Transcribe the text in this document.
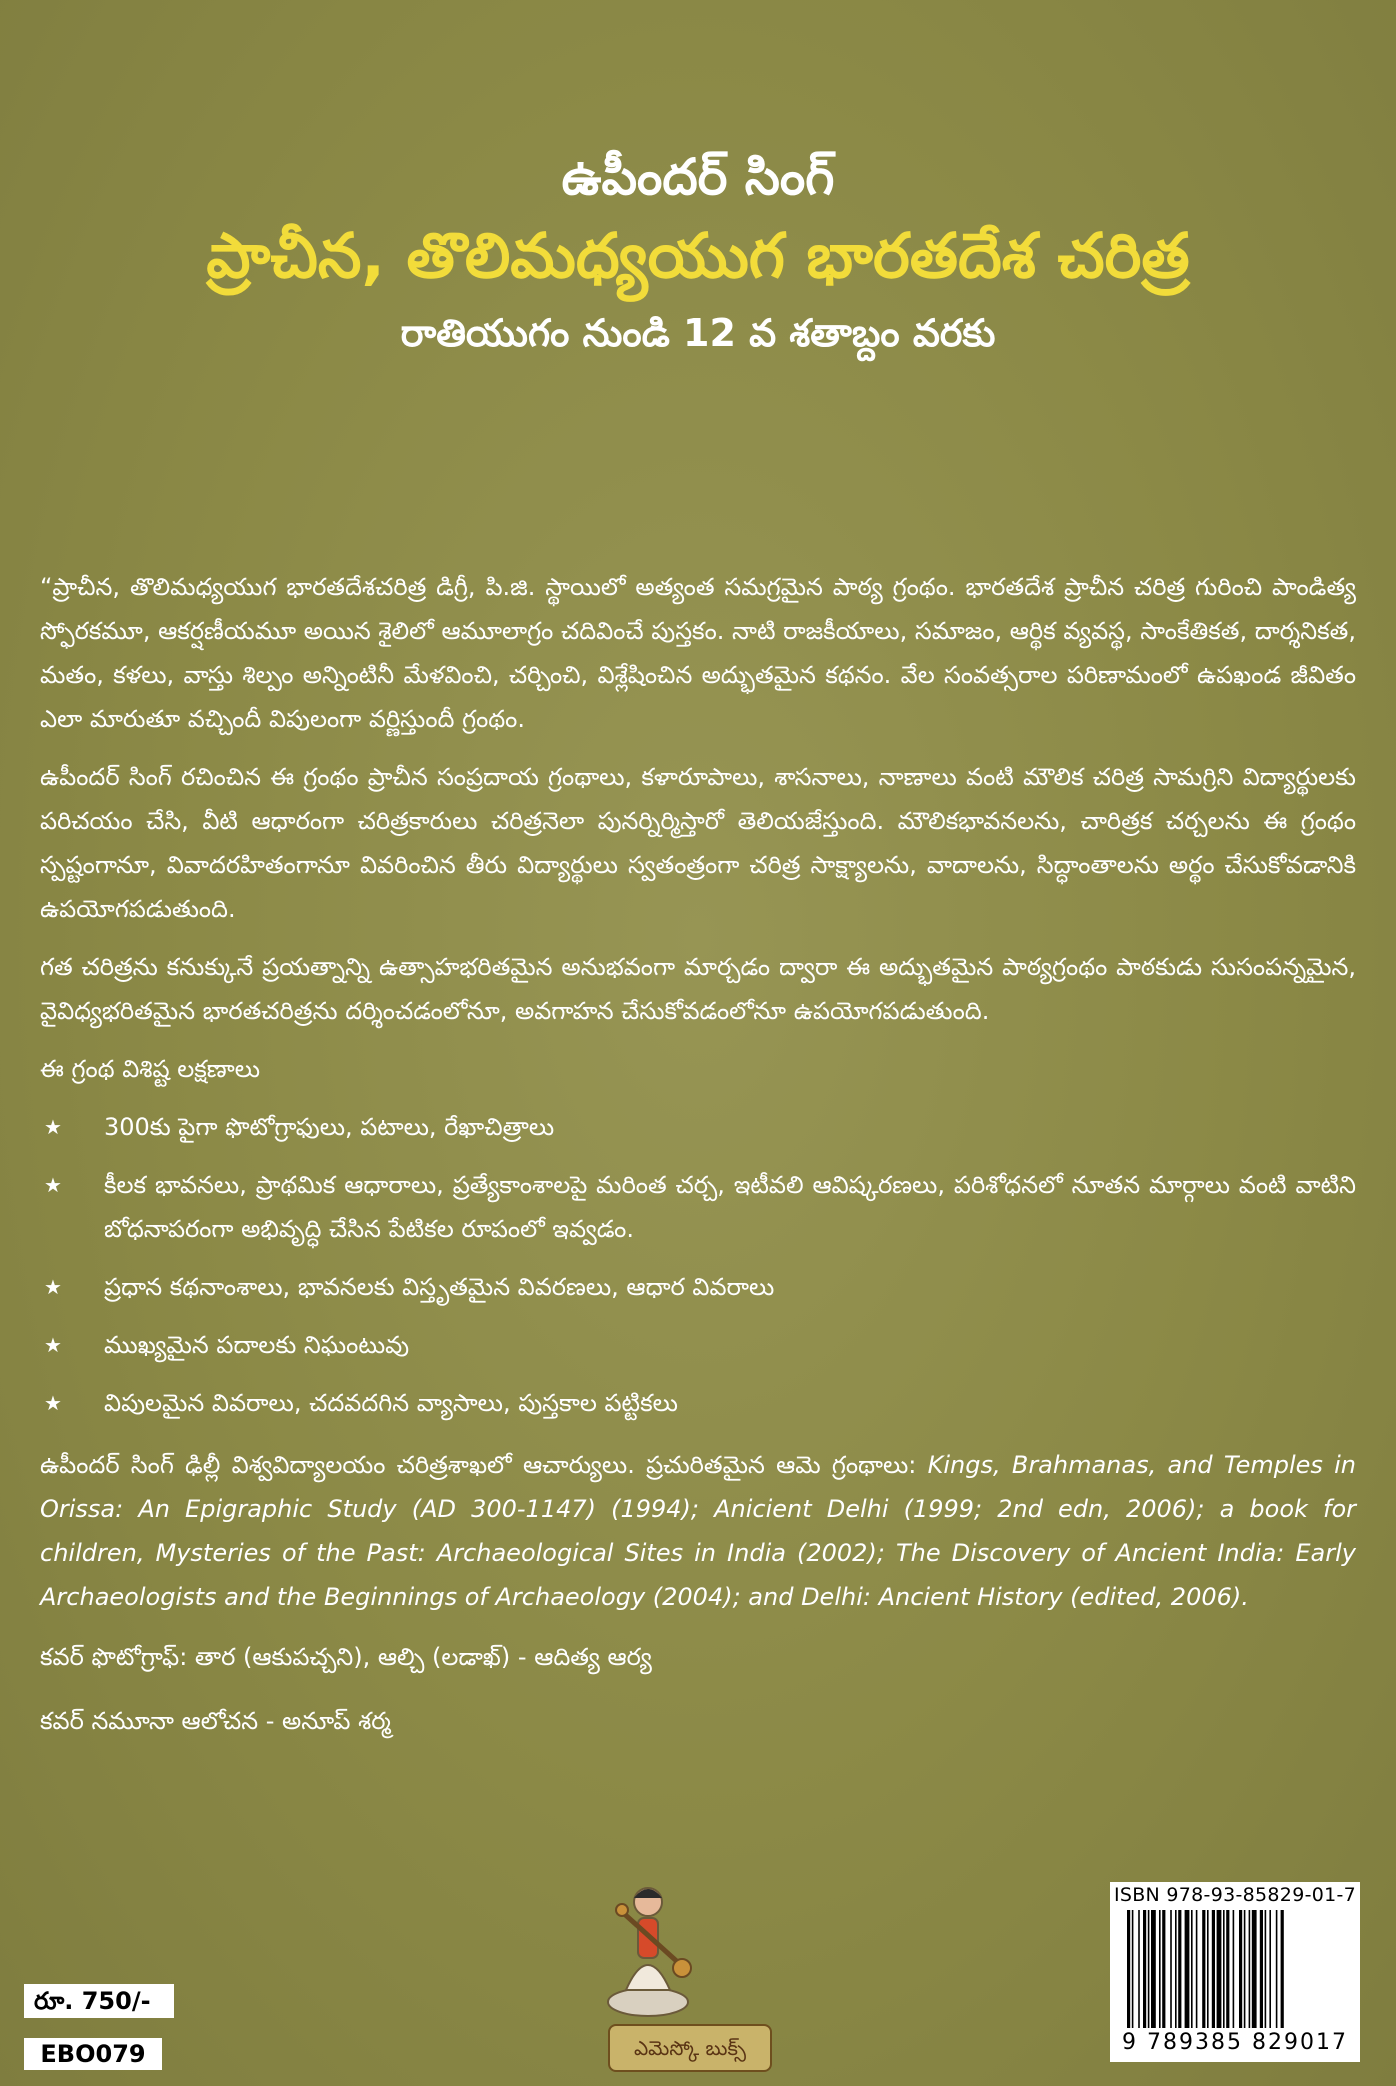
ఉపీందర్ సింగ్
ప్రాచీన, తొలిమధ్యయుగ భారతదేశ చరిత్ర
రాతియుగం నుండి 12 వ శతాబ్దం వరకు

“ప్రాచీన, తొలిమధ్యయుగ భారతదేశచరిత్ర డిగ్రీ, పి.జి. స్థాయిలో అత్యంత సమగ్రమైన పాఠ్య గ్రంథం. భారతదేశ ప్రాచీన చరిత్ర గురించి పాండిత్య స్ఫోరకమూ, ఆకర్షణీయమూ అయిన శైలిలో ఆమూలాగ్రం చదివించే పుస్తకం. నాటి రాజకీయాలు, సమాజం, ఆర్థిక వ్యవస్థ, సాంకేతికత, దార్శనికత, మతం, కళలు, వాస్తు శిల్పం అన్నింటినీ మేళవించి, చర్చించి, విశ్లేషించిన అద్భుతమైన కథనం. వేల సంవత్సరాల పరిణామంలో ఉపఖండ జీవితం ఎలా మారుతూ వచ్చిందీ విపులంగా వర్ణిస్తుందీ గ్రంథం.

ఉపీందర్ సింగ్ రచించిన ఈ గ్రంథం ప్రాచీన సంప్రదాయ గ్రంథాలు, కళారూపాలు, శాసనాలు, నాణాలు వంటి మౌలిక చరిత్ర సామగ్రిని విద్యార్థులకు పరిచయం చేసి, వీటి ఆధారంగా చరిత్రకారులు చరిత్రనెలా పునర్నిర్మిస్తారో తెలియజేస్తుంది. మౌలికభావనలను, చారిత్రక చర్చలను ఈ గ్రంథం స్పష్టంగానూ, వివాదరహితంగానూ వివరించిన తీరు విద్యార్థులు స్వతంత్రంగా చరిత్ర సాక్ష్యాలను, వాదాలను, సిద్ధాంతాలను అర్థం చేసుకోవడానికి ఉపయోగపడుతుంది.

గత చరిత్రను కనుక్కునే ప్రయత్నాన్ని ఉత్సాహభరితమైన అనుభవంగా మార్చడం ద్వారా ఈ అద్భుతమైన పాఠ్యగ్రంథం పాఠకుడు సుసంపన్నమైన, వైవిధ్యభరితమైన భారతచరిత్రను దర్శించడంలోనూ, అవగాహన చేసుకోవడంలోనూ ఉపయోగపడుతుంది.

ఈ గ్రంథ విశిష్ట లక్షణాలు
★	300కు పైగా ఫొటోగ్రాఫులు, పటాలు, రేఖాచిత్రాలు
★	కీలక భావనలు, ప్రాథమిక ఆధారాలు, ప్రత్యేకాంశాలపై మరింత చర్చ, ఇటీవలి ఆవిష్కరణలు, పరిశోధనలో నూతన మార్గాలు వంటి వాటిని బోధనాపరంగా అభివృద్ధి చేసిన పేటికల రూపంలో ఇవ్వడం.
★	ప్రధాన కథనాంశాలు, భావనలకు విస్తృతమైన వివరణలు, ఆధార వివరాలు
★	ముఖ్యమైన పదాలకు నిఘంటువు
★	విపులమైన వివరాలు, చదవదగిన వ్యాసాలు, పుస్తకాల పట్టికలు

ఉపీందర్ సింగ్ ఢిల్లీ విశ్వవిద్యాలయం చరిత్రశాఖలో ఆచార్యులు. ప్రచురితమైన ఆమె గ్రంథాలు: Kings, Brahmanas, and Temples in Orissa: An Epigraphic Study (AD 300-1147) (1994); Anicient Delhi (1999; 2nd edn, 2006); a book for children, Mysteries of the Past: Archaeological Sites in India (2002); The Discovery of Ancient India: Early Archaeologists and the Beginnings of Archaeology (2004); and Delhi: Ancient History (edited, 2006).

కవర్ ఫొటోగ్రాఫ్: తార (ఆకుపచ్చని), ఆల్చి (లడాఖ్) - ఆదిత్య ఆర్య
కవర్ నమూనా ఆలోచన - అనూప్ శర్మ
ఎమెస్కో బుక్స్
రూ. 750/-
EBO079
ISBN 978-93-85829-01-7
9 789385 829017
